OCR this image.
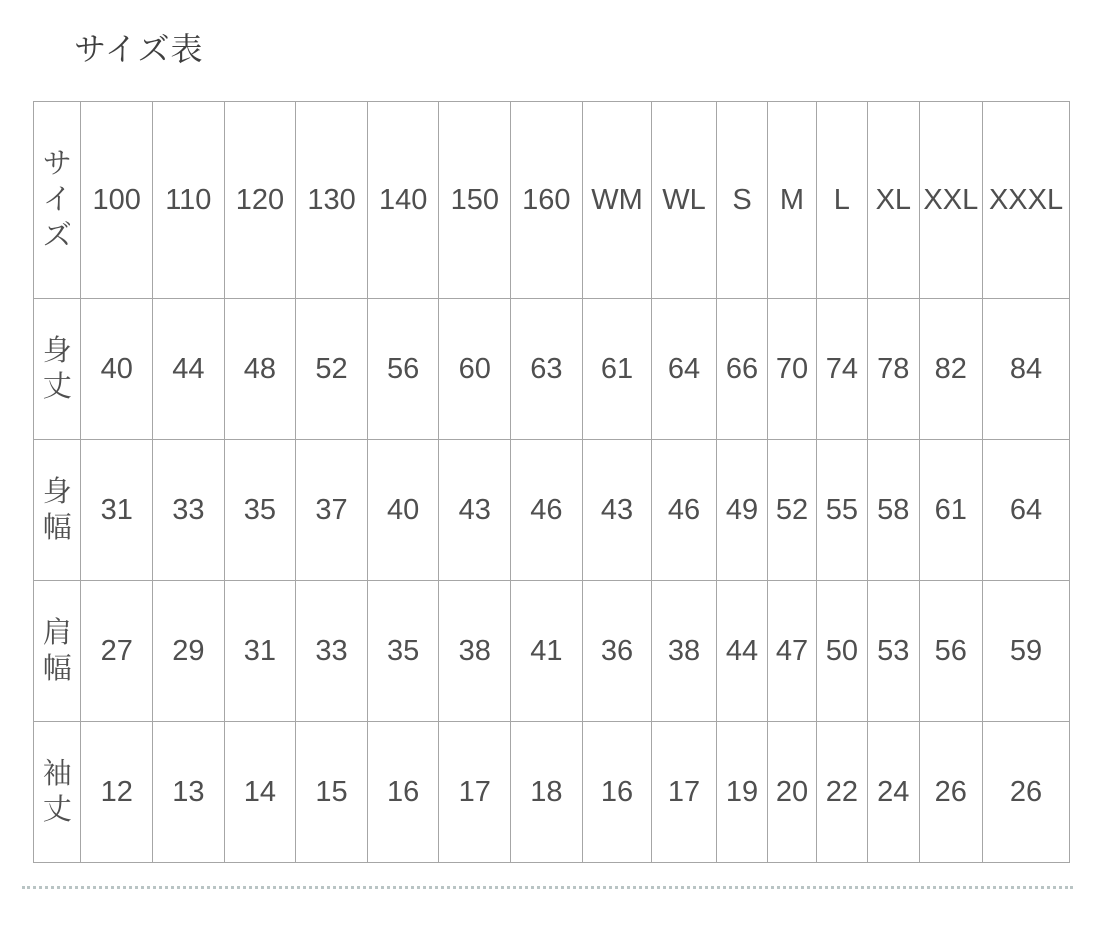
サイズ表
サ
イ
ズ	100	110	120	130	140	150	160	WM	WL	S	M	L	XL	XXL	XXXL

身
丈	40	44	48	52	56	60	63	61	64	66	70	74	78	82	84

身
幅	31	33	35	37	40	43	46	43	46	49	52	55	58	61	64

肩
幅	27	29	31	33	35	38	41	36	38	44	47	50	53	56	59

袖
丈	12	13	14	15	16	17	18	16	17	19	20	22	24	26	26
